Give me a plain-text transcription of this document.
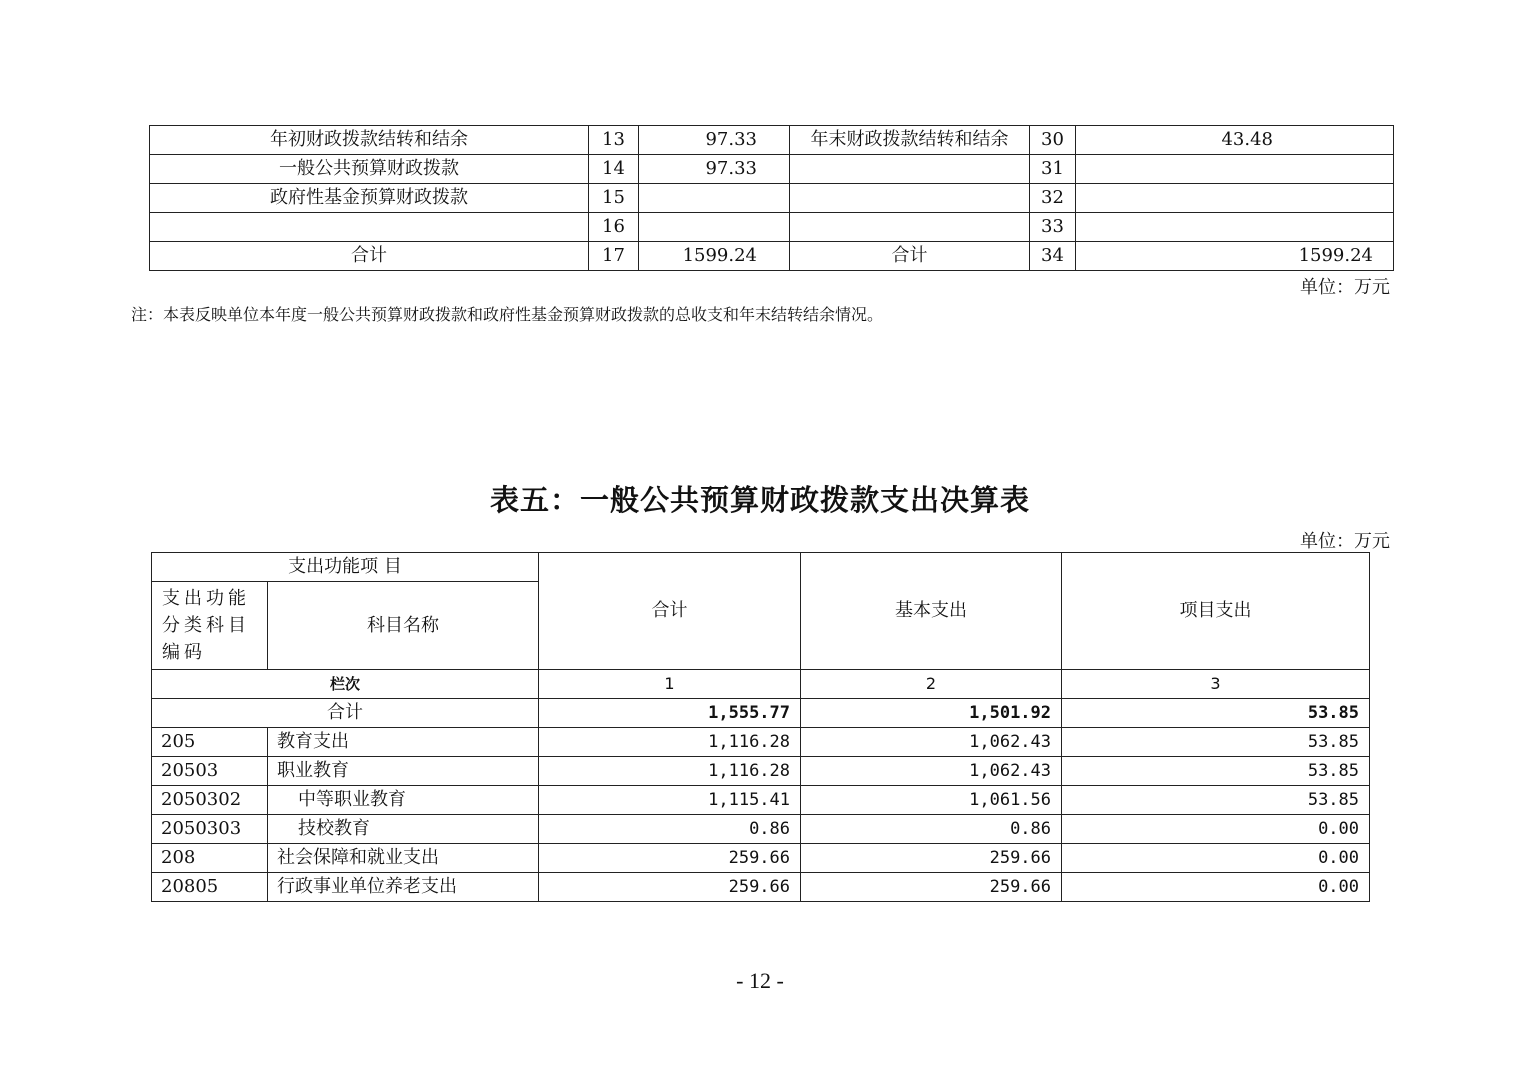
年初财政拨款结转和结余	13	97.33	年末财政拨款结转和结余	30	43.48
一般公共预算财政拨款	14	97.33		31	
政府性基金预算财政拨款	15			32	
	16			33	
合计	17	1599.24	合计	34	1599.24
单位：万元
注：本表反映单位本年度一般公共预算财政拨款和政府性基金预算财政拨款的总收支和年末结转结余情况。
表五：一般公共预算财政拨款支出决算表
单位：万元
支出功能项 目		合计	基本支出	项目支出
支出功能分类科目编码	科目名称			
栏次		1	2	3
合计		1,555.77	1,501.92	53.85
205	教育支出	1,116.28	1,062.43	53.85
20503	职业教育	1,116.28	1,062.43	53.85
2050302	中等职业教育	1,115.41	1,061.56	53.85
2050303	技校教育	0.86	0.86	0.00
208	社会保障和就业支出	259.66	259.66	0.00
20805	行政事业单位养老支出	259.66	259.66	0.00
- 12 -
